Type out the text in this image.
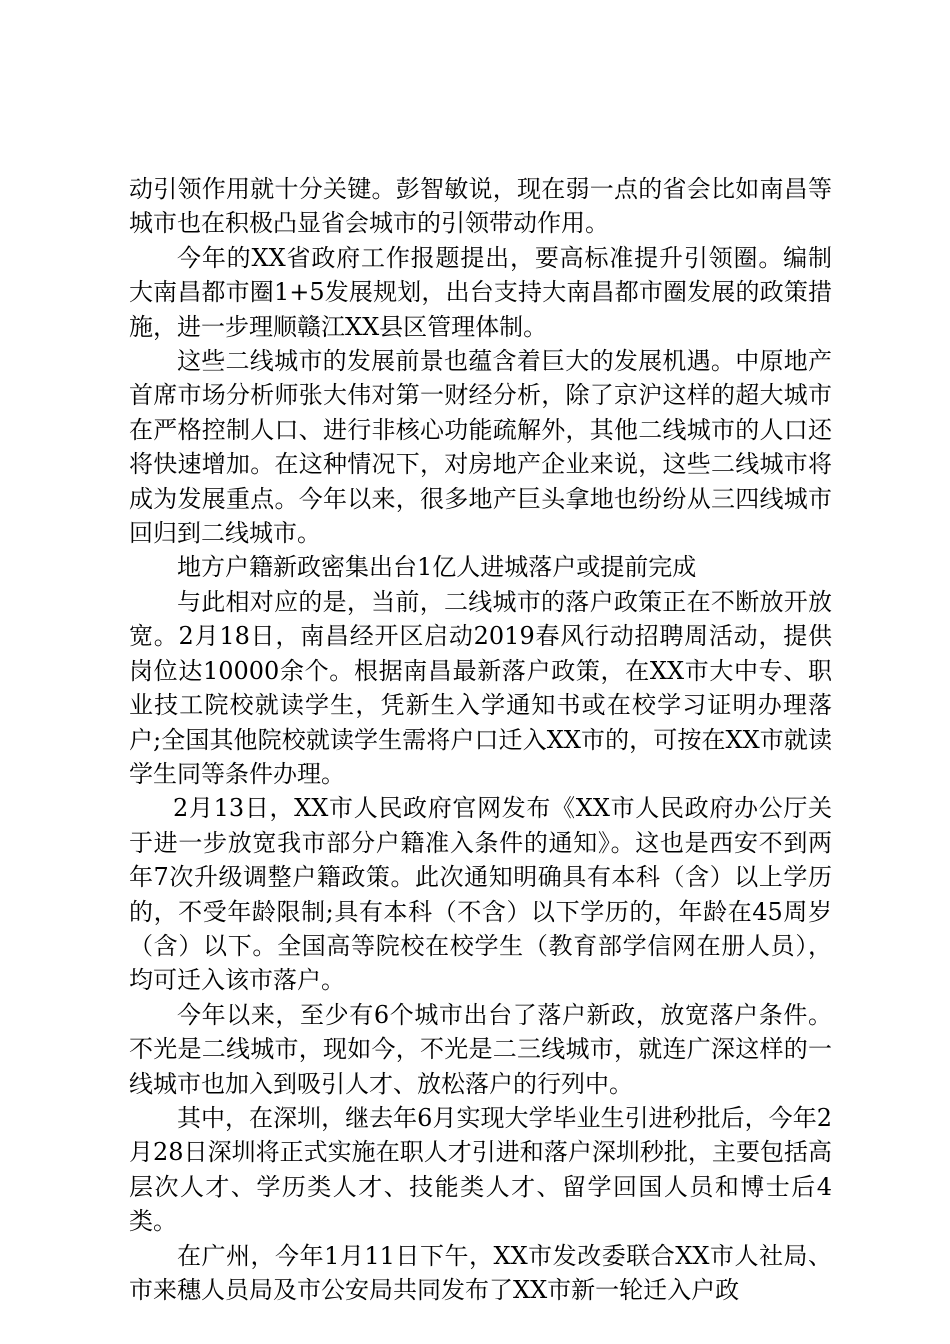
动引领作用就十分关键。彭智敏说，现在弱一点的省会比如南昌等城市也在积极凸显省会城市的引领带动作用。

今年的XX省政府工作报题提出，要高标准提升引领圈。编制大南昌都市圈1+5发展规划，出台支持大南昌都市圈发展的政策措施，进一步理顺赣江XX县区管理体制。

这些二线城市的发展前景也蕴含着巨大的发展机遇。中原地产首席市场分析师张大伟对第一财经分析，除了京沪这样的超大城市在严格控制人口、进行非核心功能疏解外，其他二线城市的人口还将快速增加。在这种情况下，对房地产企业来说，这些二线城市将成为发展重点。今年以来，很多地产巨头拿地也纷纷从三四线城市回归到二线城市。

地方户籍新政密集出台1亿人进城落户或提前完成

与此相对应的是，当前，二线城市的落户政策正在不断放开放宽。2月18日，南昌经开区启动2019春风行动招聘周活动，提供岗位达10000余个。根据南昌最新落户政策，在XX市大中专、职业技工院校就读学生，凭新生入学通知书或在校学习证明办理落户;全国其他院校就读学生需将户口迁入XX市的，可按在XX市就读学生同等条件办理。

2月13日，XX市人民政府官网发布《XX市人民政府办公厅关于进一步放宽我市部分户籍准入条件的通知》。这也是西安不到两年7次升级调整户籍政策。此次通知明确具有本科（含）以上学历的，不受年龄限制;具有本科（不含）以下学历的，年龄在45周岁（含）以下。全国高等院校在校学生（教育部学信网在册人员），均可迁入该市落户。

今年以来，至少有6个城市出台了落户新政，放宽落户条件。不光是二线城市，现如今，不光是二三线城市，就连广深这样的一线城市也加入到吸引人才、放松落户的行列中。

其中，在深圳，继去年6月实现大学毕业生引进秒批后，今年2月28日深圳将正式实施在职人才引进和落户深圳秒批，主要包括高层次人才、学历类人才、技能类人才、留学回国人员和博士后4类。

在广州，今年1月11日下午，XX市发改委联合XX市人社局、市来穗人员局及市公安局共同发布了XX市新一轮迁入户政
